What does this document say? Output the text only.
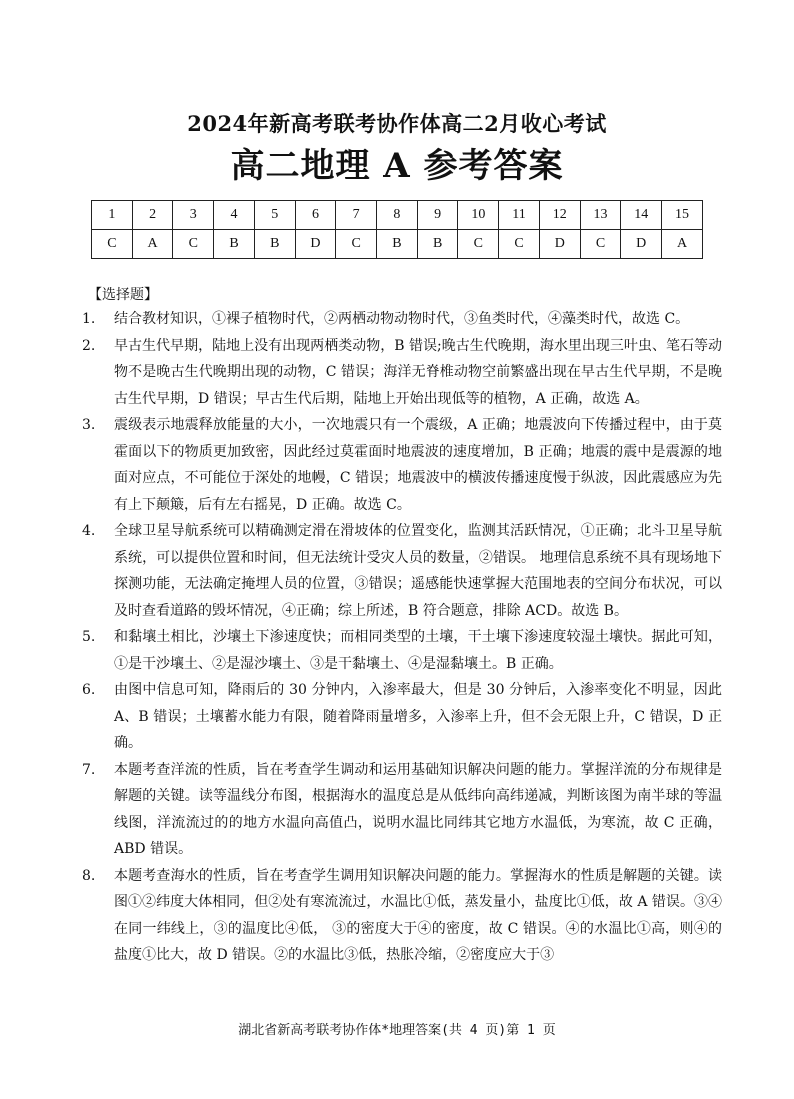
2024年新高考联考协作体高二2月收心考试
高二地理 A 参考答案
1	2	3	4	5	6	7	8	9	10	11	12	13	14	15
C	A	C	B	B	D	C	B	B	C	C	D	C	D	A
【选择题】

1. 结合教材知识，①裸子植物时代，②两栖动物动物时代，③鱼类时代，④藻类时代，故选 C。

2. 早古生代早期，陆地上没有出现两栖类动物，B 错误;晚古生代晚期，海水里出现三叶虫、笔石等动物不是晚古生代晚期出现的动物，C 错误；海洋无脊椎动物空前繁盛出现在早古生代早期，不是晚古生代早期，D 错误；早古生代后期，陆地上开始出现低等的植物，A 正确，故选 A。

3. 震级表示地震释放能量的大小，一次地震只有一个震级，A 正确；地震波向下传播过程中，由于莫霍面以下的物质更加致密，因此经过莫霍面时地震波的速度增加，B 正确；地震的震中是震源的地面对应点，不可能位于深处的地幔，C 错误；地震波中的横波传播速度慢于纵波，因此震感应为先有上下颠簸，后有左右摇晃，D 正确。故选 C。

4. 全球卫星导航系统可以精确测定滑在滑坡体的位置变化，监测其活跃情况，①正确；北斗卫星导航系统，可以提供位置和时间，但无法统计受灾人员的数量，②错误。 地理信息系统不具有现场地下探测功能，无法确定掩埋人员的位置，③错误；遥感能快速掌握大范围地表的空间分布状况，可以及时查看道路的毁坏情况，④正确；综上所述，B 符合题意，排除 ACD。故选 B。

5. 和黏壤土相比，沙壤土下渗速度快；而相同类型的土壤，干土壤下渗速度较湿土壤快。据此可知，①是干沙壤土、②是湿沙壤土、③是干黏壤土、④是湿黏壤土。B 正确。

6. 由图中信息可知，降雨后的 30 分钟内，入渗率最大，但是 30 分钟后，入渗率变化不明显，因此 A、B 错误；土壤蓄水能力有限，随着降雨量增多，入渗率上升，但不会无限上升，C 错误，D 正确。

7. 本题考查洋流的性质，旨在考查学生调动和运用基础知识解决问题的能力。掌握洋流的分布规律是解题的关键。读等温线分布图，根据海水的温度总是从低纬向高纬递减，判断该图为南半球的等温线图，洋流流过的的地方水温向高值凸，说明水温比同纬其它地方水温低，为寒流，故 C 正确，ABD 错误。

8. 本题考查海水的性质，旨在考查学生调用知识解决问题的能力。掌握海水的性质是解题的关键。读图①②纬度大体相同，但②处有寒流流过，水温比①低，蒸发量小，盐度比①低，故 A 错误。③④在同一纬线上，③的温度比④低， ③的密度大于④的密度，故 C 错误。④的水温比①高，则④的盐度①比大，故 D 错误。②的水温比③低，热胀冷缩，②密度应大于③

湖北省新高考联考协作体*地理答案(共 4 页)第 1 页
